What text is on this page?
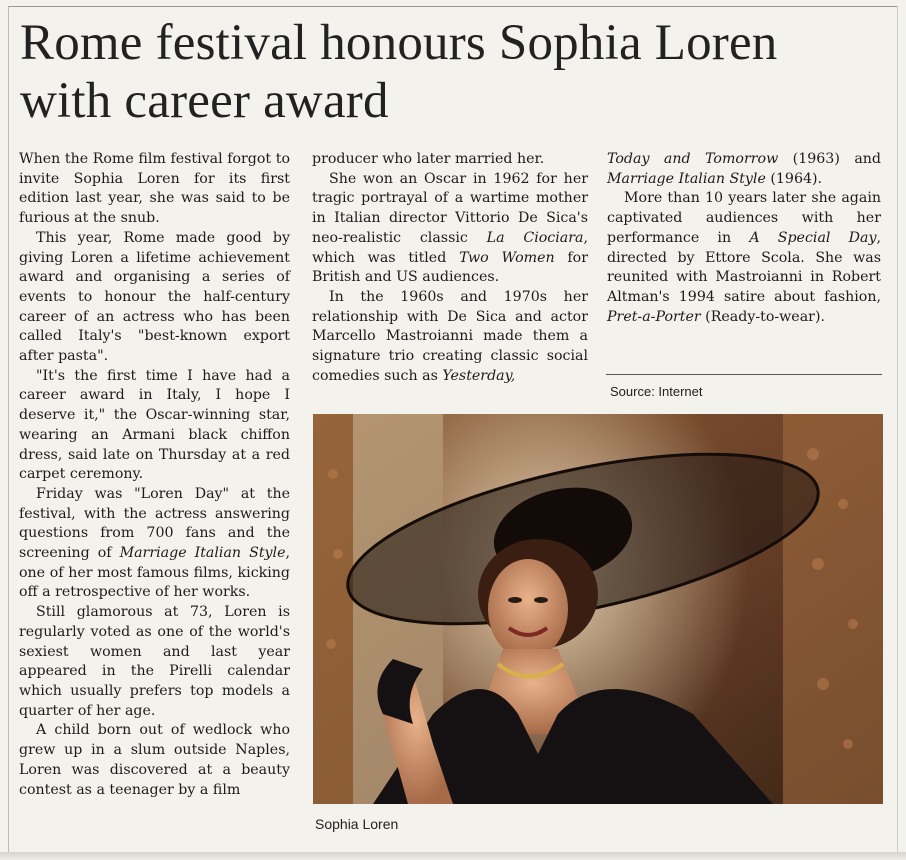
Rome festival honours Sophia Loren
with career award

When the Rome film festival forgot to invite Sophia Loren for its first edition last year, she was said to be furious at the snub.

This year, Rome made good by giving Loren a lifetime achievement award and organising a series of events to honour the half-century career of an actress who has been called Italy's "best-known export after pasta".

"It's the first time I have had a career award in Italy, I hope I deserve it," the Oscar-winning star, wearing an Armani black chiffon dress, said late on Thursday at a red carpet ceremony.

Friday was "Loren Day" at the festival, with the actress answering questions from 700 fans and the screening of Marriage Italian Style, one of her most famous films, kicking off a retrospective of her works.

Still glamorous at 73, Loren is regularly voted as one of the world's sexiest women and last year appeared in the Pirelli calendar which usually prefers top models a quarter of her age.

A child born out of wedlock who grew up in a slum outside Naples, Loren was discovered at a beauty contest as a teenager by a film

producer who later married her.

She won an Oscar in 1962 for her tragic portrayal of a wartime mother in Italian director Vittorio De Sica's neo-realistic classic La Ciociara, which was titled Two Women for British and US audiences.

In the 1960s and 1970s her relationship with De Sica and actor Marcello Mastroianni made them a signature trio creating classic social comedies such as Yesterday,

Today and Tomorrow (1963) and Marriage Italian Style (1964).

More than 10 years later she again captivated audiences with her performance in A Special Day, directed by Ettore Scola. She was reunited with Mastroianni in Robert Altman's 1994 satire about fashion, Pret-a-Porter (Ready-to-wear).

Source: Internet
Sophia Loren
